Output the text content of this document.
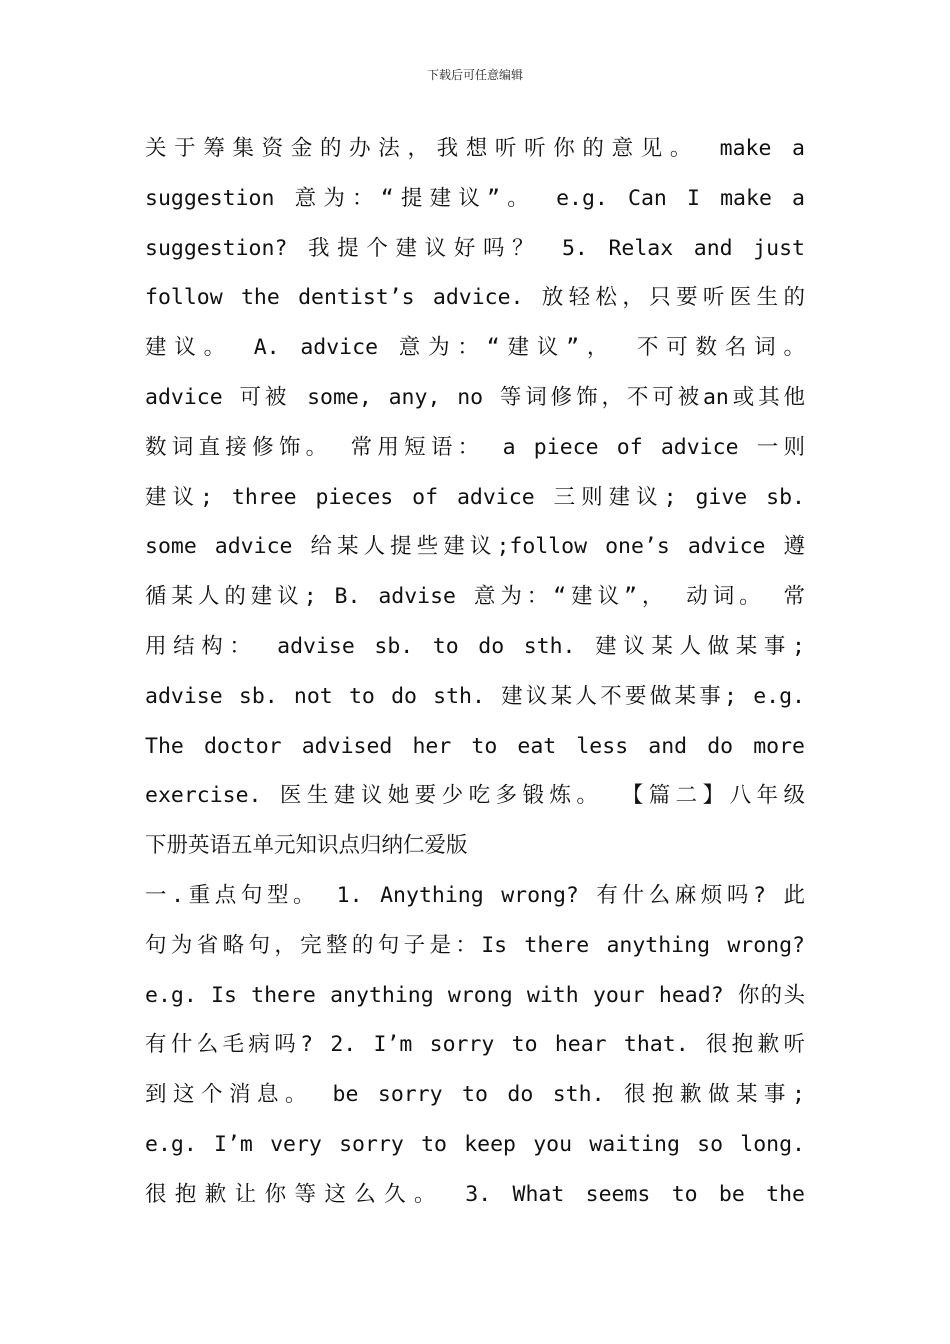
下载后可任意编辑
关于筹集资金的办法，我想听听你的意见。 make a
suggestion 意为：“提建议”。 e.g. Can I make a
suggestion? 我提个建议好吗？ 5. Relax and just
follow the dentist’s advice. 放轻松，只要听医生的
建议。 A. advice 意为：“建议”， 不可数名词。
advice 可被 some, any, no 等词修饰，不可被an或其他
数词直接修饰。 常用短语： a piece of advice 一则
建议; three pieces of advice 三则建议; give sb.
some advice 给某人提些建议;follow one’s advice 遵
循某人的建议; B. advise 意为：“建议”， 动词。 常
用结构： advise sb. to do sth. 建议某人做某事;
advise sb. not to do sth. 建议某人不要做某事; e.g.
The doctor advised her to eat less and do more
exercise. 医生建议她要少吃多锻炼。 【篇二】八年级
下册英语五单元知识点归纳仁爱版
一.重点句型。 1. Anything wrong? 有什么麻烦吗? 此
句为省略句，完整的句子是：Is there anything wrong?
e.g. Is there anything wrong with your head? 你的头
有什么毛病吗? 2. I’m sorry to hear that. 很抱歉听
到这个消息。 be sorry to do sth. 很抱歉做某事;
e.g. I’m very sorry to keep you waiting so long.
很抱歉让你等这么久。 3. What seems to be the
